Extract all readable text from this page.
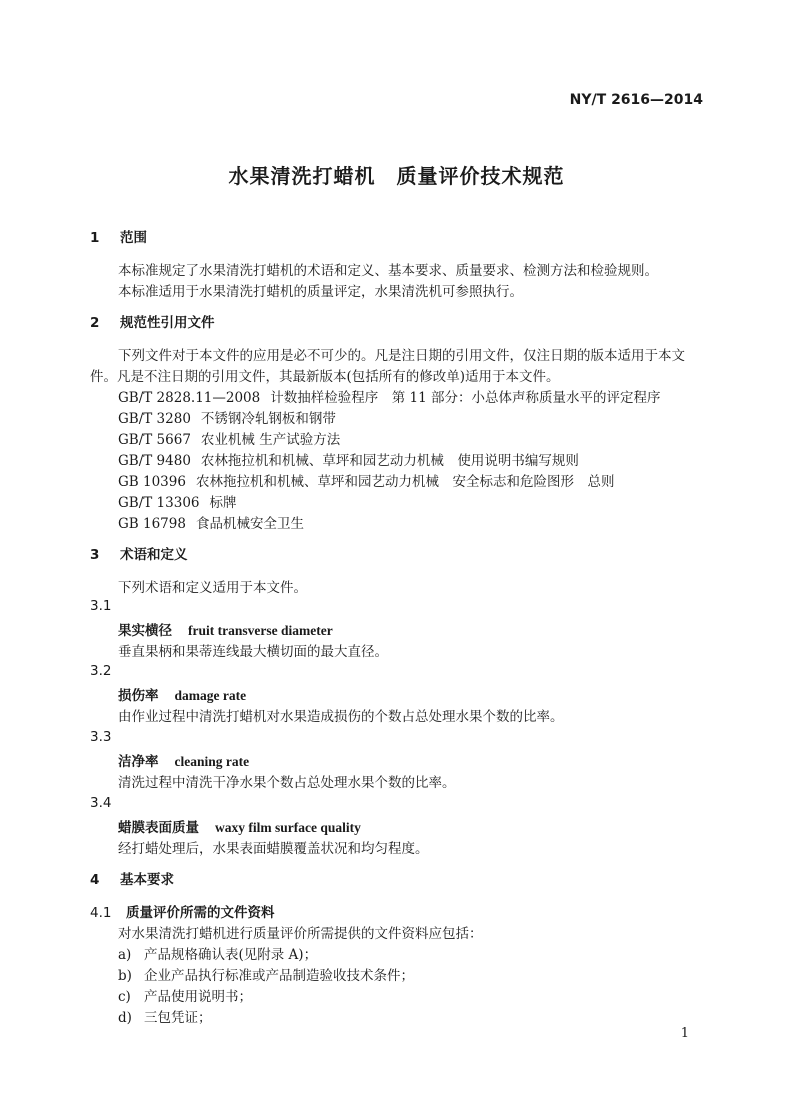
NY/T 2616—2014
水果清洗打蜡机　质量评价技术规范
1 范围
本标准规定了水果清洗打蜡机的术语和定义、基本要求、质量要求、检测方法和检验规则。
本标准适用于水果清洗打蜡机的质量评定，水果清洗机可参照执行。
2 规范性引用文件
下列文件对于本文件的应用是必不可少的。凡是注日期的引用文件，仅注日期的版本适用于本文
件。凡是不注日期的引用文件，其最新版本(包括所有的修改单)适用于本文件。
GB/T 2828.11—2008 计数抽样检验程序　第 11 部分：小总体声称质量水平的评定程序
GB/T 3280 不锈钢冷轧钢板和钢带
GB/T 5667 农业机械 生产试验方法
GB/T 9480 农林拖拉机和机械、草坪和园艺动力机械　使用说明书编写规则
GB 10396 农林拖拉机和机械、草坪和园艺动力机械　安全标志和危险图形　总则
GB/T 13306 标牌
GB 16798 食品机械安全卫生
3 术语和定义
下列术语和定义适用于本文件。
3.1
果实横径 fruit transverse diameter
垂直果柄和果蒂连线最大横切面的最大直径。
3.2
损伤率 damage rate
由作业过程中清洗打蜡机对水果造成损伤的个数占总处理水果个数的比率。
3.3
洁净率 cleaning rate
清洗过程中清洗干净水果个数占总处理水果个数的比率。
3.4
蜡膜表面质量 waxy film surface quality
经打蜡处理后，水果表面蜡膜覆盖状况和均匀程度。
4 基本要求
4.1 质量评价所需的文件资料
对水果清洗打蜡机进行质量评价所需提供的文件资料应包括：
a) 产品规格确认表(见附录 A)；
b) 企业产品执行标准或产品制造验收技术条件；
c) 产品使用说明书；
d) 三包凭证；
1
